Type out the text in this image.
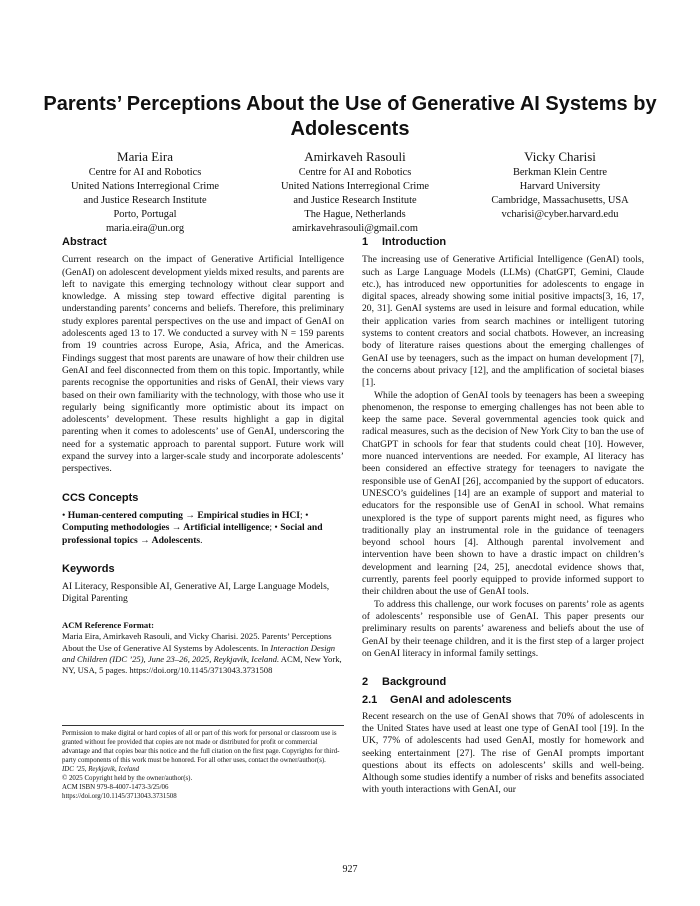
Parents’ Perceptions About the Use of Generative AI Systems by Adolescents
Maria Eira
Centre for AI and Robotics
United Nations Interregional Crime
and Justice Research Institute
Porto, Portugal
maria.eira@un.org
Amirkaveh Rasouli
Centre for AI and Robotics
United Nations Interregional Crime
and Justice Research Institute
The Hague, Netherlands
amirkavehrasouli@gmail.com
Vicky Charisi
Berkman Klein Centre
Harvard University
Cambridge, Massachusetts, USA
vcharisi@cyber.harvard.edu
Abstract

Current research on the impact of Generative Artificial Intelligence (GenAI) on adolescent development yields mixed results, and parents are left to navigate this emerging technology without clear support and knowledge. A missing step toward effective digital parenting is understanding parents’ concerns and beliefs. Therefore, this preliminary study explores parental perspectives on the use and impact of GenAI on adolescents aged 13 to 17. We conducted a survey with N = 159 parents from 19 countries across Europe, Asia, Africa, and the Americas. Findings suggest that most parents are unaware of how their children use GenAI and feel disconnected from them on this topic. Importantly, while parents recognise the opportunities and risks of GenAI, their views vary based on their own familiarity with the technology, with those who use it regularly being significantly more optimistic about its impact on adolescents’ development. These results highlight a gap in digital parenting when it comes to adolescents’ use of GenAI, underscoring the need for a systematic approach to parental support. Future work will expand the survey into a larger-scale study and incorporate adolescents’ perspectives.

CCS Concepts

• Human-centered computing → Empirical studies in HCI; • Computing methodologies → Artificial intelligence; • Social and professional topics → Adolescents.

Keywords

AI Literacy, Responsible AI, Generative AI, Large Language Models, Digital Parenting

ACM Reference Format:
Maria Eira, Amirkaveh Rasouli, and Vicky Charisi. 2025. Parents’ Perceptions About the Use of Generative AI Systems by Adolescents. In Interaction Design and Children (IDC ’25), June 23–26, 2025, Reykjavik, Iceland. ACM, New York, NY, USA, 5 pages. https://doi.org/10.1145/3713043.3731508
Permission to make digital or hard copies of all or part of this work for personal or classroom use is granted without fee provided that copies are not made or distributed for profit or commercial advantage and that copies bear this notice and the full citation on the first page. Copyrights for third-party components of this work must be honored. For all other uses, contact the owner/author(s).
IDC ’25, Reykjavik, Iceland
© 2025 Copyright held by the owner/author(s).
ACM ISBN 979-8-4007-1473-3/25/06
https://doi.org/10.1145/3713043.3731508
1 Introduction

The increasing use of Generative Artificial Intelligence (GenAI) tools, such as Large Language Models (LLMs) (ChatGPT, Gemini, Claude etc.), has introduced new opportunities for adolescents to engage in digital spaces, already showing some initial positive impacts[3, 16, 17, 20, 31]. GenAI systems are used in leisure and formal education, while their application varies from search machines or intelligent tutoring systems to content creators and social chatbots. However, an increasing body of literature raises questions about the emerging challenges of GenAI use by teenagers, such as the impact on human development [7], the concerns about privacy [12], and the amplification of societal biases [1].

While the adoption of GenAI tools by teenagers has been a sweeping phenomenon, the response to emerging challenges has not been able to keep the same pace. Several governmental agencies took quick and radical measures, such as the decision of New York City to ban the use of ChatGPT in schools for fear that students could cheat [10]. However, more nuanced interventions are needed. For example, AI literacy has been considered an effective strategy for teenagers to navigate the responsible use of GenAI [26], accompanied by the support of educators. UNESCO’s guidelines [14] are an example of support and material to educators for the responsible use of GenAI in school. What remains unexplored is the type of support parents might need, as figures who traditionally play an instrumental role in the guidance of teenagers beyond school hours [4]. Although parental involvement and intervention have been shown to have a drastic impact on children’s development and learning [24, 25], anecdotal evidence shows that, currently, parents feel poorly equipped to provide informed support to their children about the use of GenAI tools.

To address this challenge, our work focuses on parents’ role as agents of adolescents’ responsible use of GenAI. This paper presents our preliminary results on parents’ awareness and beliefs about the use of GenAI by their teenage children, and it is the first step of a larger project on GenAI literacy in informal family settings.

2 Background
2.1 GenAI and adolescents

Recent research on the use of GenAI shows that 70% of adolescents in the United States have used at least one type of GenAI tool [19]. In the UK, 77% of adolescents had used GenAI, mostly for homework and seeking entertainment [27]. The rise of GenAI prompts important questions about its effects on adolescents’ skills and well-being. Although some studies identify a number of risks and benefits associated with youth interactions with GenAI, our

927
